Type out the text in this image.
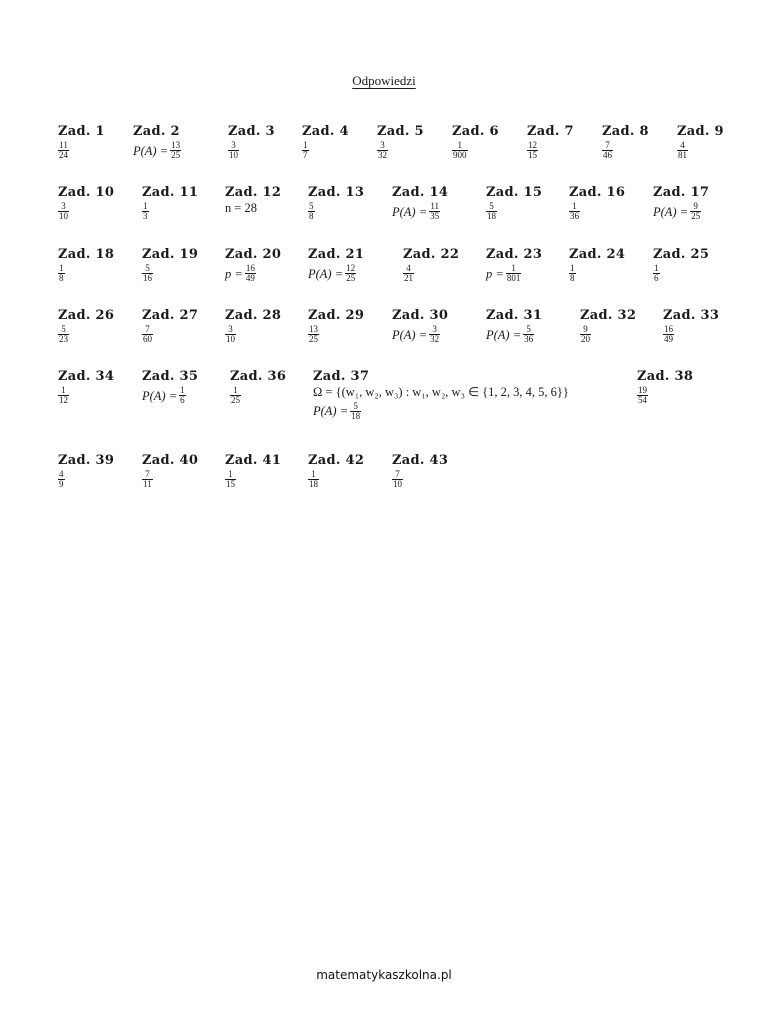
Odpowiedzi
Zad. 1
$\frac{11}{24}$
Zad. 2
$P(A) = \frac{13}{25}$
Zad. 3
$\frac{3}{10}$
Zad. 4
$\frac{1}{7}$
Zad. 5
$\frac{3}{32}$
Zad. 6
$\frac{1}{900}$
Zad. 7
$\frac{12}{15}$
Zad. 8
$\frac{7}{46}$
Zad. 9
$\frac{4}{81}$
Zad. 10
$\frac{3}{10}$
Zad. 11
$\frac{1}{3}$
Zad. 12
n = 28
Zad. 13
$\frac{5}{8}$
Zad. 14
$P(A) = \frac{11}{35}$
Zad. 15
$\frac{5}{18}$
Zad. 16
$\frac{1}{36}$
Zad. 17
$P(A) = \frac{9}{25}$
Zad. 18
$\frac{1}{8}$
Zad. 19
$\frac{5}{16}$
Zad. 20
$p = \frac{16}{49}$
Zad. 21
$P(A) = \frac{12}{25}$
Zad. 22
$\frac{4}{21}$
Zad. 23
$p = \frac{1}{801}$
Zad. 24
$\frac{1}{8}$
Zad. 25
$\frac{1}{6}$
Zad. 26
$\frac{5}{23}$
Zad. 27
$\frac{7}{60}$
Zad. 28
$\frac{3}{10}$
Zad. 29
$\frac{13}{25}$
Zad. 30
$P(A) = \frac{3}{32}$
Zad. 31
$P(A) = \frac{5}{36}$
Zad. 32
$\frac{9}{20}$
Zad. 33
$\frac{16}{49}$
Zad. 34
$\frac{1}{12}$
Zad. 35
$P(A) = \frac{1}{6}$
Zad. 36
$\frac{1}{25}$
Zad. 37
Ω = {(w₁, w₂, w₃) : w₁, w₂, w₃ ∈ {1, 2, 3, 4, 5, 6}}
$P(A) = \frac{5}{18}$
Zad. 38
$\frac{19}{54}$
Zad. 39
$\frac{4}{9}$
Zad. 40
$\frac{7}{11}$
Zad. 41
$\frac{1}{15}$
Zad. 42
$\frac{1}{18}$
Zad. 43
$\frac{7}{10}$
matematykaszkolna.pl
